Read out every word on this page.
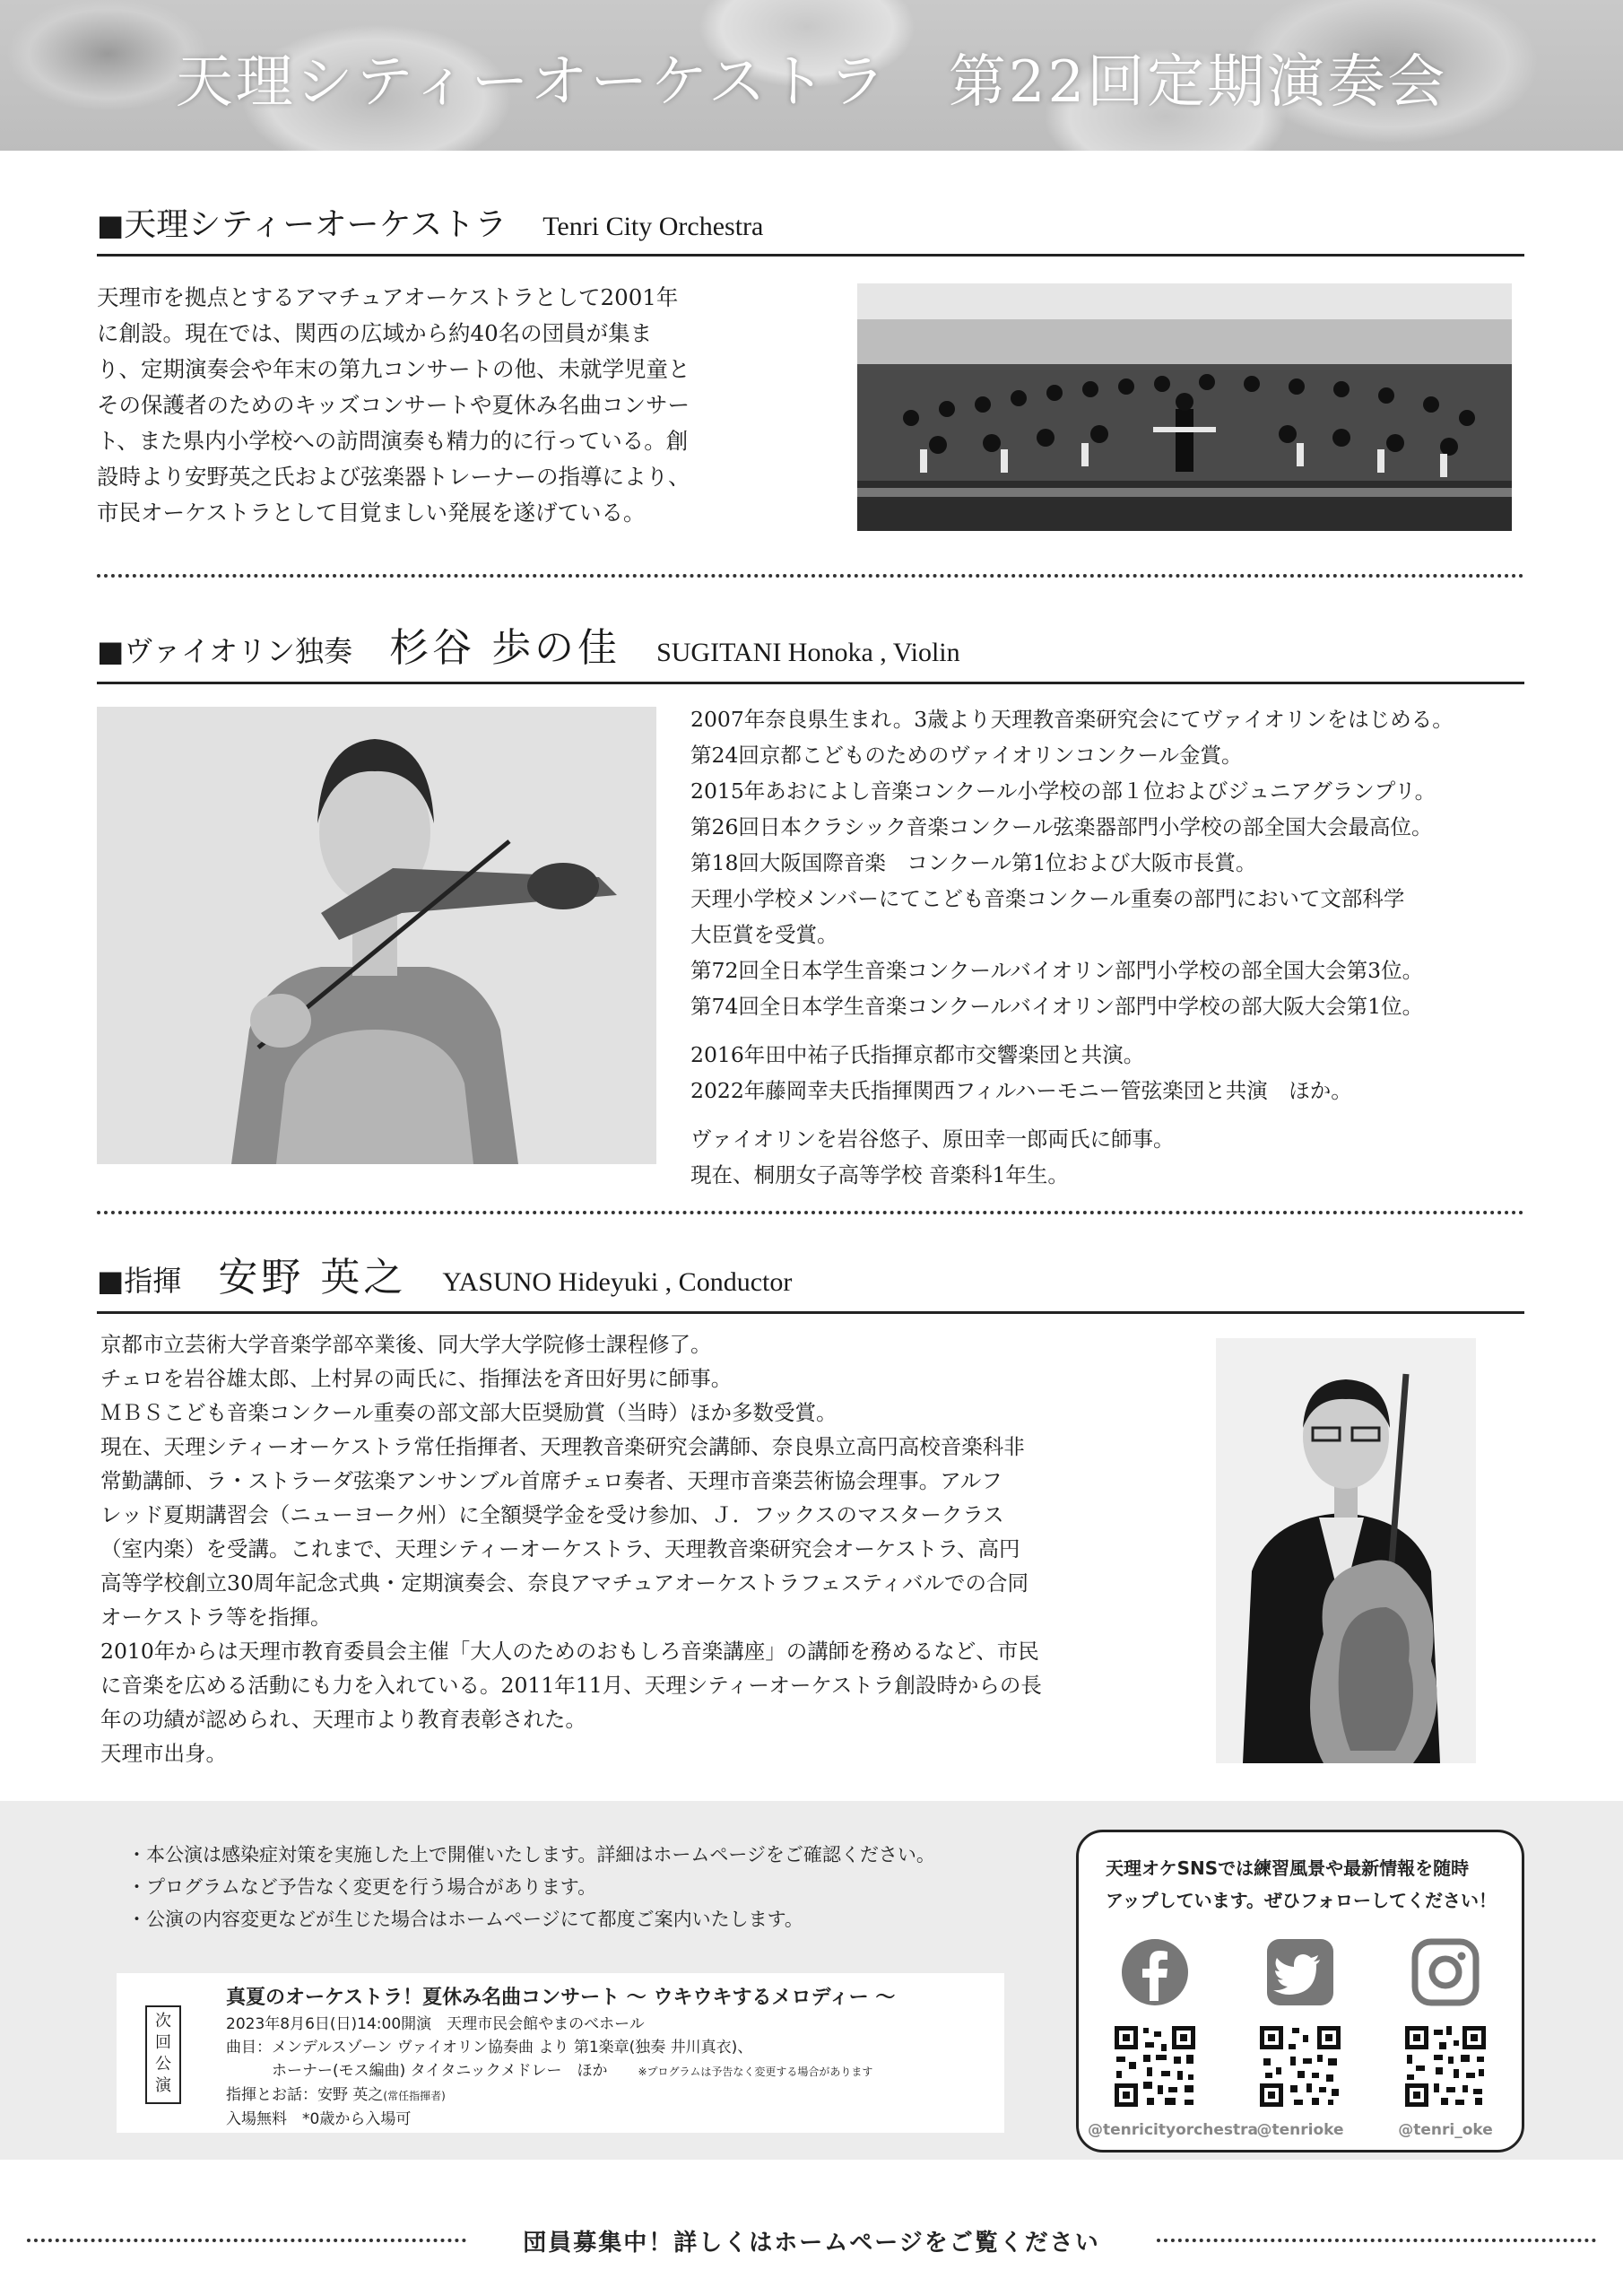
天理シティーオーケストラ　第22回定期演奏会
■天理シティーオーケストラ Tenri City Orchestra

天理市を拠点とするアマチュアオーケストラとして2001年

に創設。現在では、関西の広域から約40名の団員が集ま

り、定期演奏会や年末の第九コンサートの他、未就学児童と

その保護者のためのキッズコンサートや夏休み名曲コンサー

ト、また県内小学校への訪問演奏も精力的に行っている。創

設時より安野英之氏および弦楽器トレーナーの指導により、

市民オーケストラとして目覚ましい発展を遂げている。

■ヴァイオリン独奏 杉谷 歩の佳 SUGITANI Honoka , Violin

2007年奈良県生まれ。3歳より天理教音楽研究会にてヴァイオリンをはじめる。

第24回京都こどものためのヴァイオリンコンクール金賞。

2015年あおによし音楽コンクール小学校の部１位およびジュニアグランプリ。

第26回日本クラシック音楽コンクール弦楽器部門小学校の部全国大会最高位。

第18回大阪国際音楽　コンクール第1位および大阪市長賞。

天理小学校メンバーにてこども音楽コンクール重奏の部門において文部科学

大臣賞を受賞。

第72回全日本学生音楽コンクールバイオリン部門小学校の部全国大会第3位。

第74回全日本学生音楽コンクールバイオリン部門中学校の部大阪大会第1位。

2016年田中祐子氏指揮京都市交響楽団と共演。

2022年藤岡幸夫氏指揮関西フィルハーモニー管弦楽団と共演　ほか。

ヴァイオリンを岩谷悠子、原田幸一郎両氏に師事。

現在、桐朋女子高等学校 音楽科1年生。

■指揮 安野 英之 YASUNO Hideyuki , Conductor

京都市立芸術大学音楽学部卒業後、同大学大学院修士課程修了。

チェロを岩谷雄太郎、上村昇の両氏に、指揮法を斉田好男に師事。

ＭＢＳこども音楽コンクール重奏の部文部大臣奨励賞（当時）ほか多数受賞。

現在、天理シティーオーケストラ常任指揮者、天理教音楽研究会講師、奈良県立高円高校音楽科非

常勤講師、ラ・ストラーダ弦楽アンサンブル首席チェロ奏者、天理市音楽芸術協会理事。アルフ

レッド夏期講習会（ニューヨーク州）に全額奨学金を受け参加、Ｊ．フックスのマスタークラス

（室内楽）を受講。これまで、天理シティーオーケストラ、天理教音楽研究会オーケストラ、高円

高等学校創立30周年記念式典・定期演奏会、奈良アマチュアオーケストラフェスティバルでの合同

オーケストラ等を指揮。

2010年からは天理市教育委員会主催「大人のためのおもしろ音楽講座」の講師を務めるなど、市民

に音楽を広める活動にも力を入れている。2011年11月、天理シティーオーケストラ創設時からの長

年の功績が認められ、天理市より教育表彰された。

天理市出身。

・本公演は感染症対策を実施した上で開催いたします。詳細はホームページをご確認ください。

・プログラムなど予告なく変更を行う場合があります。

・公演の内容変更などが生じた場合はホームページにて都度ご案内いたします。

次
回
公
演
真夏のオーケストラ！夏休み名曲コンサート 〜 ウキウキするメロディー 〜
2023年8月6日(日)14:00開演　天理市民会館やまのべホール
曲目：メンデルスゾーン ヴァイオリン協奏曲 より 第1楽章(独奏 井川真衣)、
　　　ホーナー(モス編曲) タイタニックメドレー　ほか　　	※プログラムは予告なく変更する場合があります
指揮とお話：安野 英之(常任指揮者)
入場無料　*0歳から入場可

天理オケSNSでは練習風景や最新情報を随時

アップしています。ぜひフォローしてください！

@tenricityorchestra
@tenrioke	@tenri_oke
団員募集中！詳しくはホームページをご覧ください
